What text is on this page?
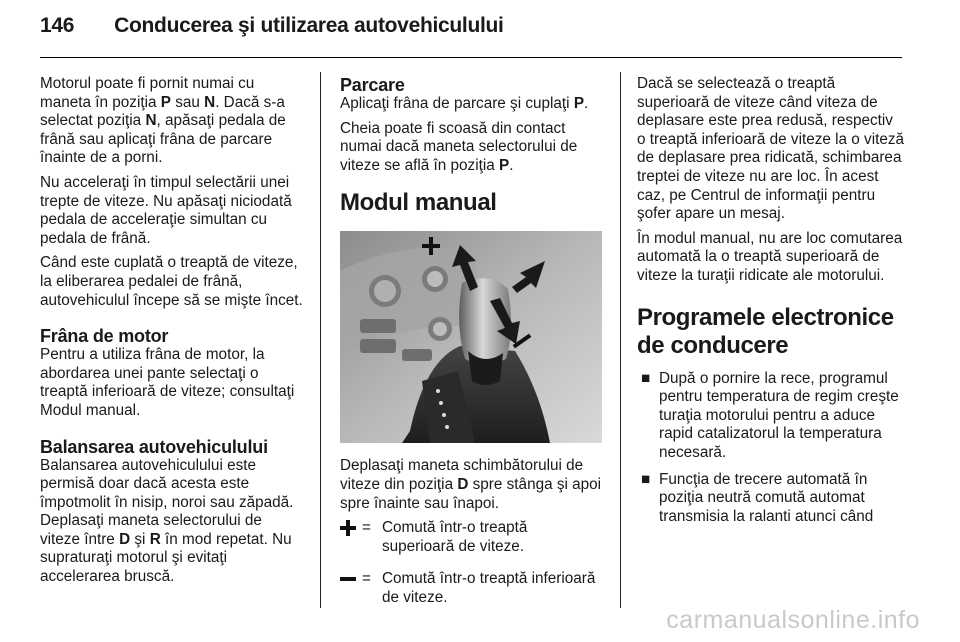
146 Conducerea şi utilizarea autovehiculului

Motorul poate fi pornit numai cu maneta în poziţia P sau N. Dacă s-a selectat poziţia N, apăsaţi pedala de frână sau aplicaţi frâna de parcare înainte de a porni.

Nu acceleraţi în timpul selectării unei trepte de viteze. Nu apăsaţi niciodată pedala de acceleraţie simultan cu pedala de frână.

Când este cuplată o treaptă de viteze, la eliberarea pedalei de frână, autovehiculul începe să se mişte încet.

Frâna de motor

Pentru a utiliza frâna de motor, la abordarea unei pante selectaţi o treaptă inferioară de viteze; consultaţi Modul manual.

Balansarea autovehiculului

Balansarea autovehiculului este permisă doar dacă acesta este împotmolit în nisip, noroi sau zăpadă. Deplasaţi maneta selectorului de viteze între D şi R în mod repetat. Nu supraturaţi motorul şi evitaţi accelerarea bruscă.

Parcare

Aplicaţi frâna de parcare şi cuplaţi P.

Cheia poate fi scoasă din contact numai dacă maneta selectorului de viteze se află în poziţia P.

Modul manual

Deplasaţi maneta schimbătorului de viteze din poziţia D spre stânga şi apoi spre înainte sau înapoi.

= Comută într-o treaptă superioară de viteze.
= Comută într-o treaptă inferioară de viteze.

Dacă se selectează o treaptă superioară de viteze când viteza de deplasare este prea redusă, respectiv o treaptă inferioară de viteze la o viteză de deplasare prea ridicată, schimbarea treptei de viteze nu are loc. În acest caz, pe Centrul de informaţii pentru şofer apare un mesaj.

În modul manual, nu are loc comutarea automată la o treaptă superioară de viteze la turaţii ridicate ale motorului.

Programele electronice de conducere
■ După o pornire la rece, programul pentru temperatura de regim creşte turaţia motorului pentru a aduce rapid catalizatorul la temperatura necesară.
■ Funcţia de trecere automată în poziţia neutră comută automat transmisia la ralanti atunci când
carmanualsonline.info
